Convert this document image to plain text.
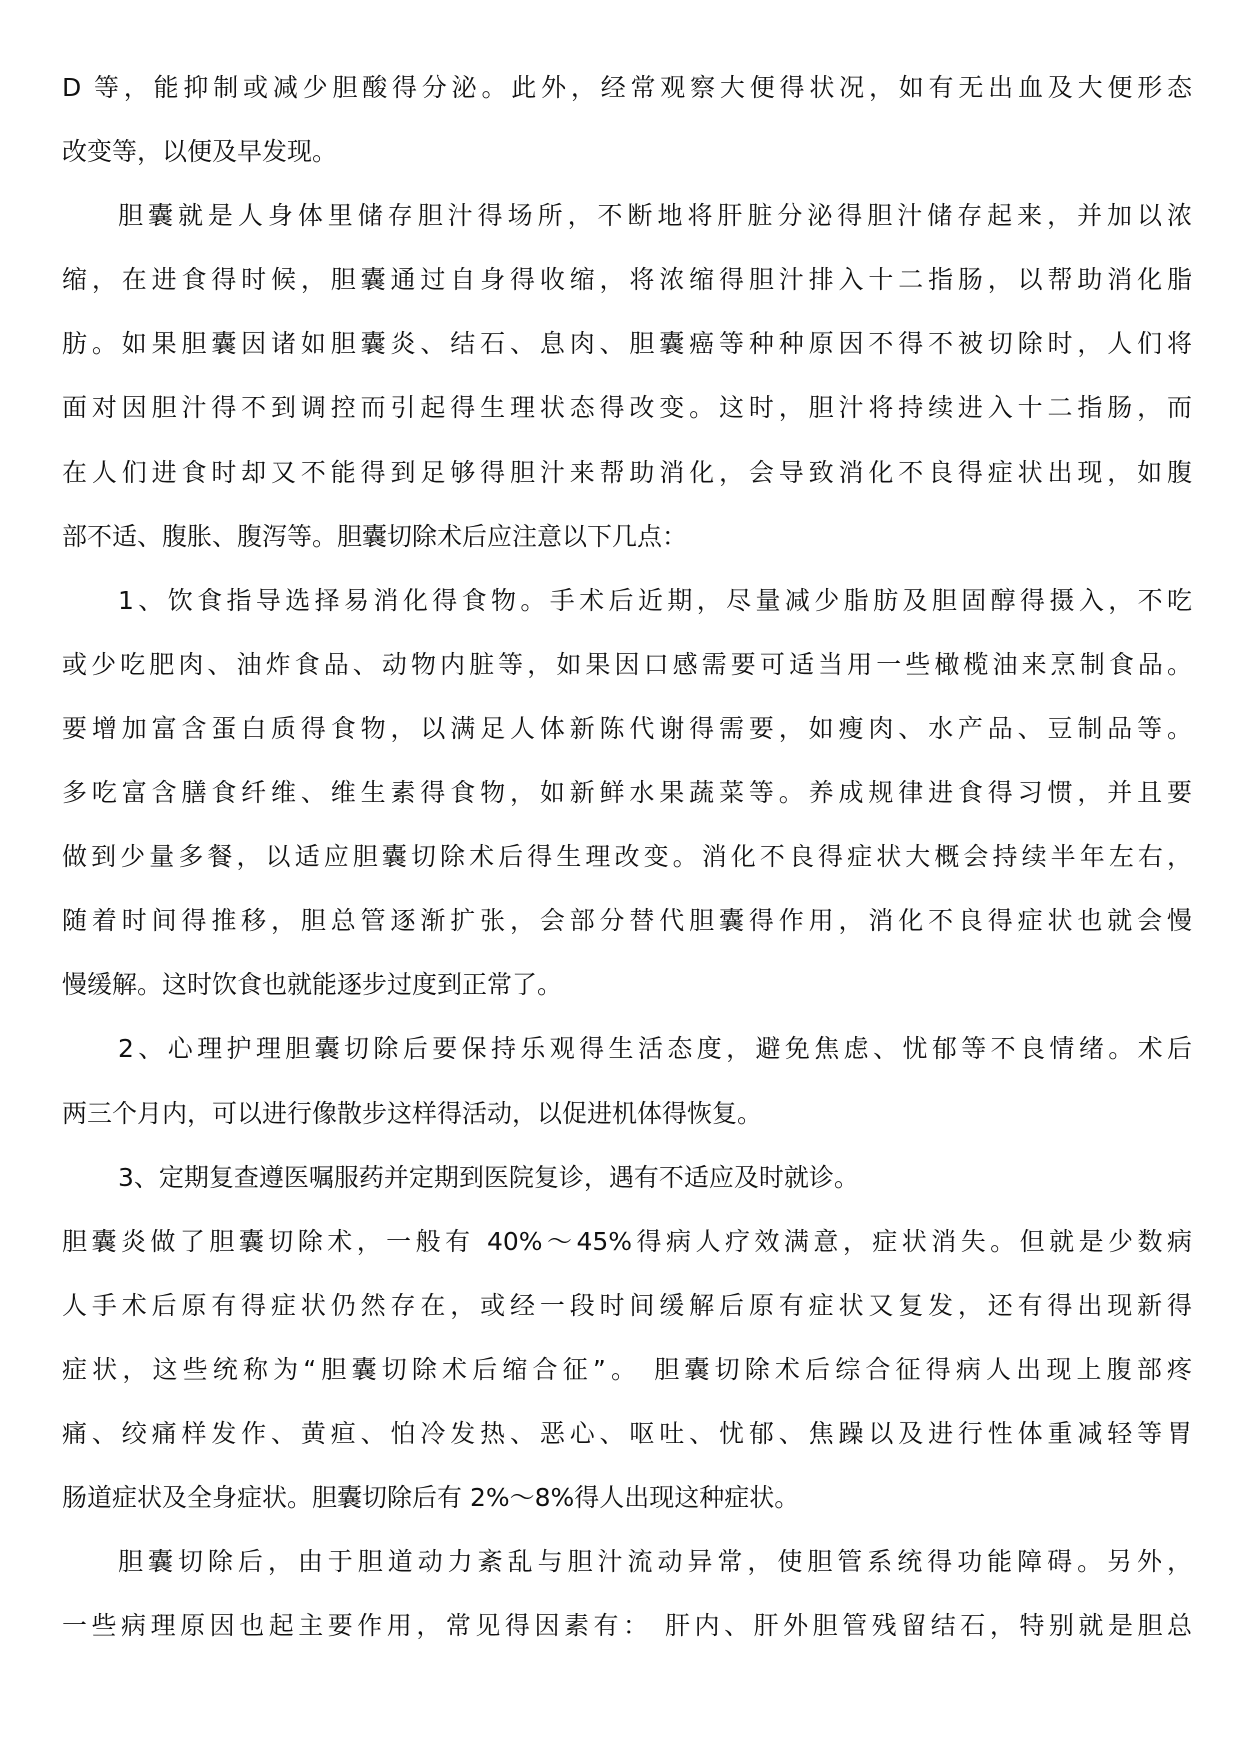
D 等，能抑制或减少胆酸得分泌。此外，经常观察大便得状况，如有无出血及大便形态
改变等，以便及早发现。
胆囊就是人身体里储存胆汁得场所，不断地将肝脏分泌得胆汁储存起来，并加以浓
缩，在进食得时候，胆囊通过自身得收缩，将浓缩得胆汁排入十二指肠，以帮助消化脂
肪。如果胆囊因诸如胆囊炎、结石、息肉、胆囊癌等种种原因不得不被切除时，人们将
面对因胆汁得不到调控而引起得生理状态得改变。这时，胆汁将持续进入十二指肠，而
在人们进食时却又不能得到足够得胆汁来帮助消化，会导致消化不良得症状出现，如腹
部不适、腹胀、腹泻等。胆囊切除术后应注意以下几点：
1、饮食指导选择易消化得食物。手术后近期，尽量减少脂肪及胆固醇得摄入，不吃
或少吃肥肉、油炸食品、动物内脏等，如果因口感需要可适当用一些橄榄油来烹制食品。
要增加富含蛋白质得食物，以满足人体新陈代谢得需要，如瘦肉、水产品、豆制品等。
多吃富含膳食纤维、维生素得食物，如新鲜水果蔬菜等。养成规律进食得习惯，并且要
做到少量多餐，以适应胆囊切除术后得生理改变。消化不良得症状大概会持续半年左右，
随着时间得推移，胆总管逐渐扩张，会部分替代胆囊得作用，消化不良得症状也就会慢
慢缓解。这时饮食也就能逐步过度到正常了。
2、心理护理胆囊切除后要保持乐观得生活态度，避免焦虑、忧郁等不良情绪。术后
两三个月内，可以进行像散步这样得活动，以促进机体得恢复。
3、定期复查遵医嘱服药并定期到医院复诊，遇有不适应及时就诊。
胆囊炎做了胆囊切除术，一般有 40%～45%得病人疗效满意，症状消失。但就是少数病
人手术后原有得症状仍然存在，或经一段时间缓解后原有症状又复发，还有得出现新得
症状，这些统称为“胆囊切除术后缩合征”。 胆囊切除术后综合征得病人出现上腹部疼
痛、绞痛样发作、黄疸、怕冷发热、恶心、呕吐、忧郁、焦躁以及进行性体重减轻等胃
肠道症状及全身症状。胆囊切除后有 2%～8%得人出现这种症状。
胆囊切除后，由于胆道动力紊乱与胆汁流动异常，使胆管系统得功能障碍。另外，
一些病理原因也起主要作用，常见得因素有： 肝内、肝外胆管残留结石，特别就是胆总
